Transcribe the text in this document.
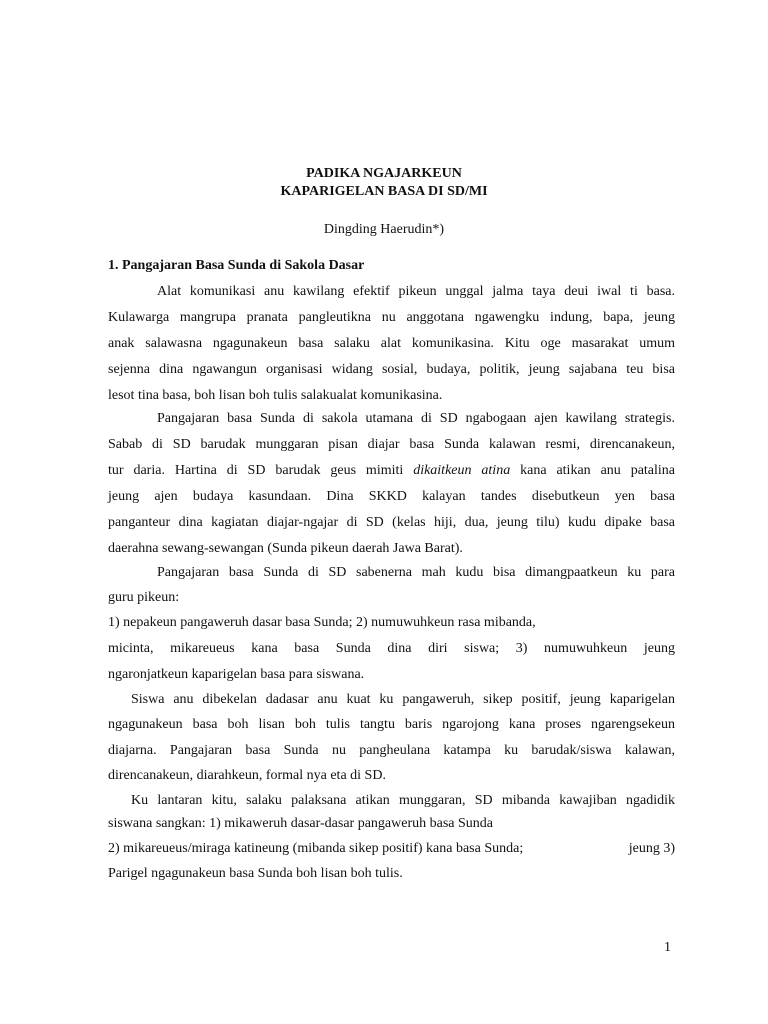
PADIKA NGAJARKEUN
KAPARIGELAN BASA DI SD/MI
Dingding Haerudin*)
1. Pangajaran Basa Sunda di Sakola Dasar
Alat komunikasi anu kawilang efektif pikeun unggal jalma taya deui iwal ti basa.
Kulawarga mangrupa pranata pangleutikna nu anggotana ngawengku indung, bapa, jeung
anak salawasna ngagunakeun basa salaku alat komunikasina. Kitu oge masarakat umum
sejenna dina ngawangun organisasi widang sosial, budaya, politik, jeung sajabana teu bisa
lesot tina basa, boh lisan boh tulis salakualat komunikasina.
Pangajaran basa Sunda di sakola utamana di SD ngabogaan ajen kawilang strategis.
Sabab di SD barudak munggaran pisan diajar basa Sunda kalawan resmi, direncanakeun,
tur daria. Hartina di SD barudak geus mimiti dikaitkeun atina kana atikan anu patalina
jeung ajen budaya kasundaan. Dina SKKD kalayan tandes disebutkeun yen basa
panganteur dina kagiatan diajar-ngajar di SD (kelas hiji, dua, jeung tilu) kudu dipake basa
daerahna sewang-sewangan (Sunda pikeun daerah Jawa Barat).
Pangajaran basa Sunda di SD sabenerna mah kudu bisa dimangpaatkeun ku para
guru pikeun:
1) nepakeun pangaweruh dasar basa Sunda; 2) numuwuhkeun rasa mibanda,
micinta, mikareueus kana basa Sunda dina diri siswa; 3) numuwuhkeun jeung
ngaronjatkeun kaparigelan basa para siswana.
Siswa anu dibekelan dadasar anu kuat ku pangaweruh, sikep positif, jeung kaparigelan
ngagunakeun basa boh lisan boh tulis tangtu baris ngarojong kana proses ngarengsekeun
diajarna. Pangajaran basa Sunda nu pangheulana katampa ku barudak/siswa kalawan,
direncanakeun, diarahkeun, formal nya eta di SD.
Ku lantaran kitu, salaku palaksana atikan munggaran, SD mibanda kawajiban ngadidik
siswana sangkan: 1) mikaweruh dasar-dasar pangaweruh basa Sunda
2) mikareueus/miraga katineung (mibanda sikep positif) kana basa Sunda;	jeung 3)
Parigel ngagunakeun basa Sunda boh lisan boh tulis.
1
